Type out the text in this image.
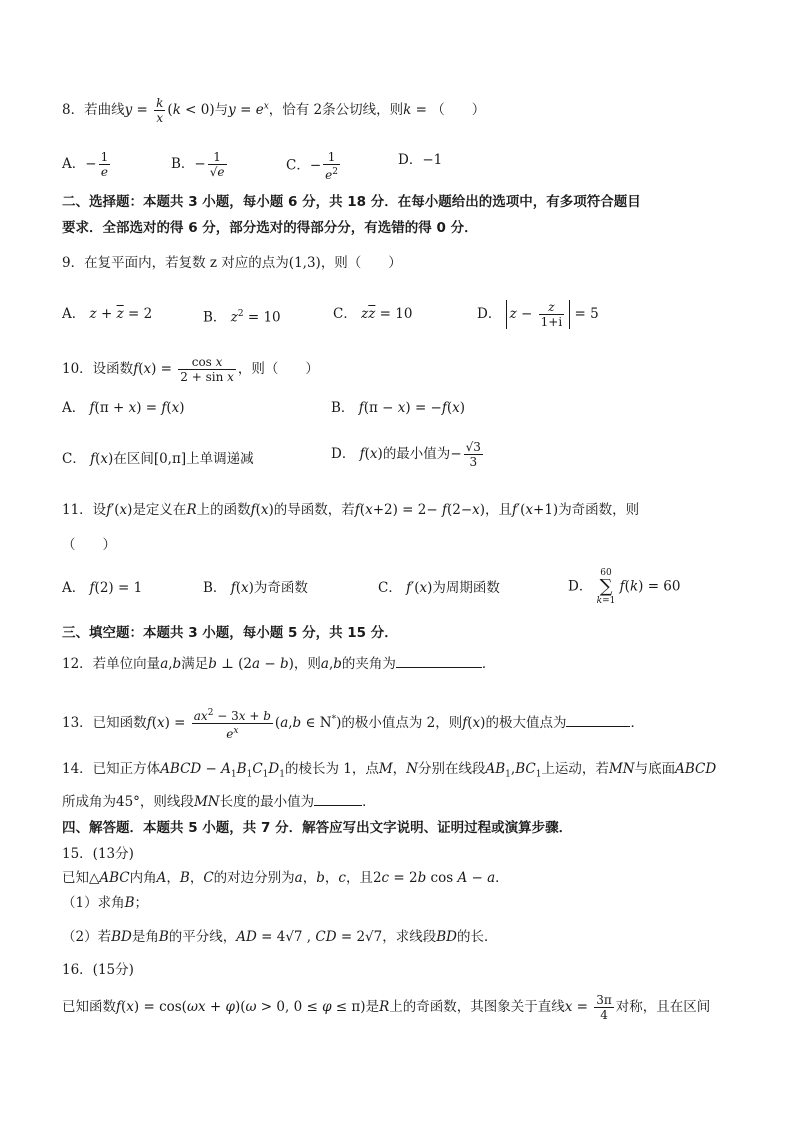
8．若曲线$y = \frac{k}{x} (k < 0)$与$y = e^x$，恰有 2条公切线，则k = （　　）
A．− $\frac{1}{e}$	B．− $\frac{1}{√e}$	C．− $\frac{1}{e^2}$	D．−1
二、选择题：本题共 3 小题，每小题 6 分，共 18 分．在每小题给出的选项中，有多项符合题目
要求．全部选对的得 6 分，部分选对的得部分分，有选错的得 0 分．
9．在复平面内，若复数 z 对应的点为(1,3)，则（　　）
A． $z + \overline{z} = 2$	B． $z^2 = 10$	C． $z\overline{z} = 10$	D． $z - \frac{z}{1+i} = 5$
10．设函数$f(x) = \frac{\text{cos x}}{\text{2 + sin x}}$ ，则（　　）
A． f(π + x) = f(x)	B． f(π − x) = −f(x)
C． f(x)在区间[0,π]上单调递减	D． f(x)的最小值为− $\frac{√3}{3}$
11．设f′(x)是定义在R上的函数f(x)的导函数，若f(x+2) = 2− f(2−x)，且f′(x+1)为奇函数，则
（　　）
A． f(2) = 1	B． f(x)为奇函数	C． f′(x)为周期函数	D． 60
∑
k=1 f(k) = 60
三、填空题：本题共 3 小题，每小题 5 分，共 15 分．
12．若单位向量a,b满足b ⊥ (2a − b)，则a,b的夹角为	．
13．已知函数$f(x) = \frac{ax^2 - 3x + b}{e^x} (a,b$ ∈ N*)的极小值点为 2，则f(x)的极大值点为	．
14．已知正方体ABCD − $A_1B_1C_1D_1$的棱长为 1，点M，N分别在线段$AB_1,BC_1$上运动，若MN与底面ABCD
所成角为45°，则线段MN长度的最小值为	．
四、解答题．本题共 5 小题，共 7 分．解答应写出文字说明、证明过程或演算步骤．
15．(13分)
已知△ABC内角A，B，C的对边分别为a，b，c，且2c = 2b cos A − a．
（1）求角B；
（2）若BD是角B的平分线，AD = 4√7 , CD = 2√7，求线段BD的长．
16．(15分)
已知函数f(x) = cos(ωx + φ)(ω > 0, 0 ≤ φ ≤ π)是R上的奇函数，其图象关于直线$x = \frac{3\pi}{4}$ 对称，且在区间
